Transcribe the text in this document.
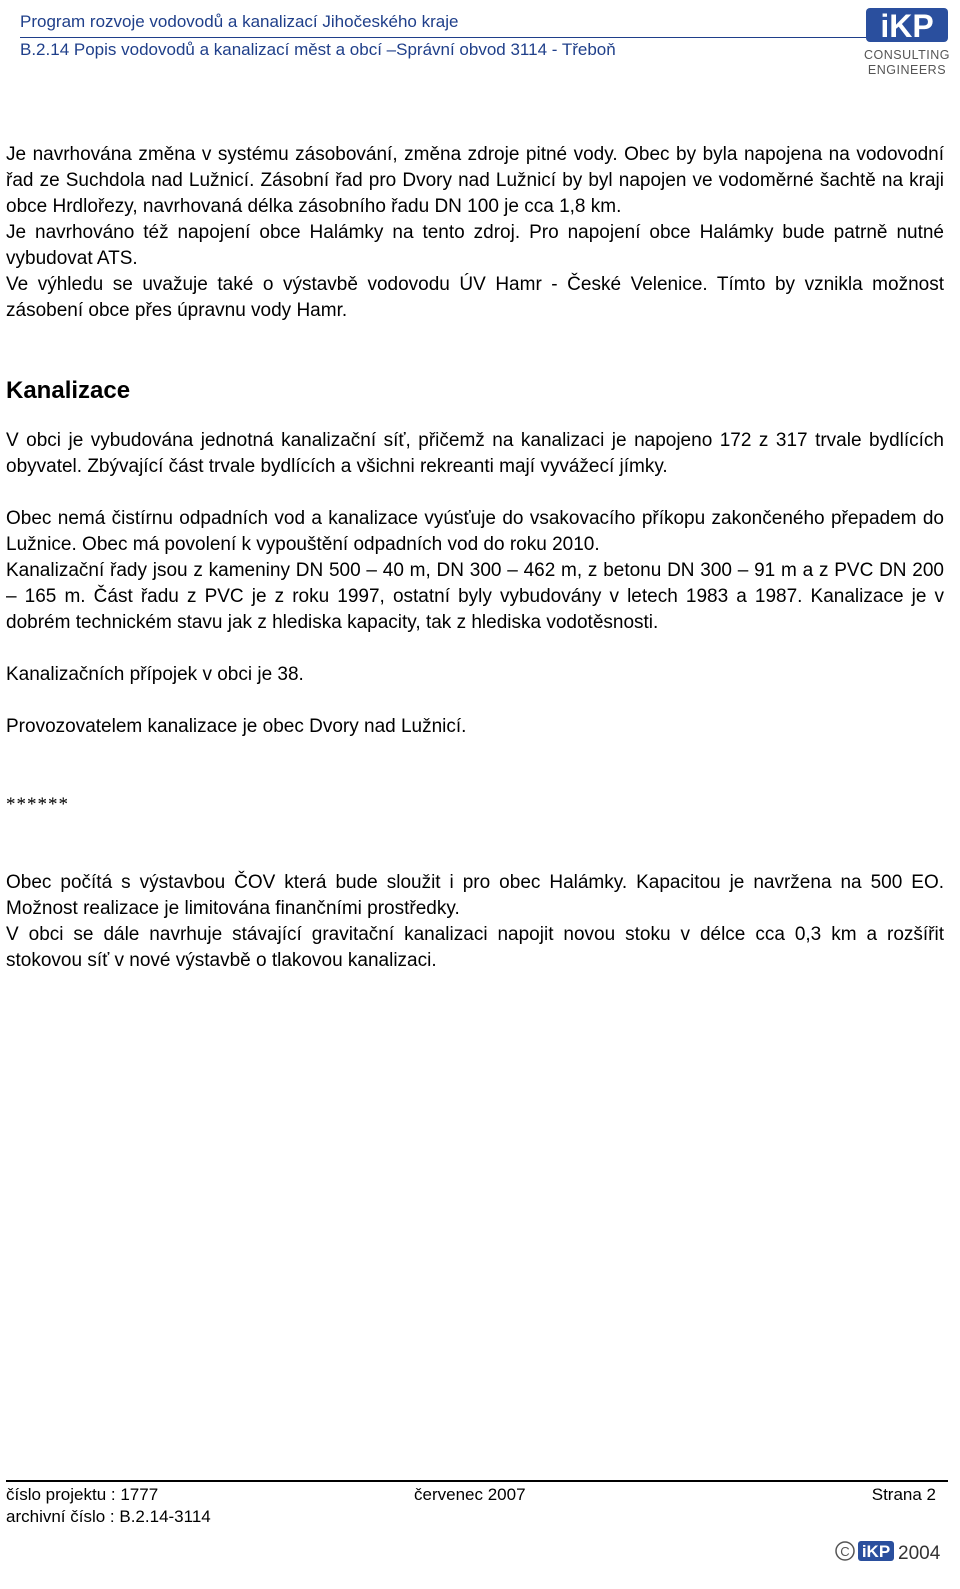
Program rozvoje vodovodů a kanalizací Jihočeského kraje
B.2.14 Popis vodovodů a kanalizací měst a obcí –Správní obvod 3114 - Třeboň
iKP
CONSULTING
ENGINEERS

Je navrhována změna v systému zásobování, změna zdroje pitné vody. Obec by byla napojena na vodovodní řad ze Suchdola nad Lužnicí. Zásobní řad pro Dvory nad Lužnicí by byl napojen ve vodoměrné šachtě na kraji obce Hrdlořezy, navrhovaná délka zásobního řadu DN 100 je cca 1,8 km.

Je navrhováno též napojení obce Halámky na tento zdroj. Pro napojení obce Halámky bude patrně nutné vybudovat ATS.

Ve výhledu se uvažuje také o výstavbě vodovodu ÚV Hamr - České Velenice. Tímto by vznikla možnost zásobení obce přes úpravnu vody Hamr.

Kanalizace

V obci je vybudována jednotná kanalizační síť, přičemž na kanalizaci je napojeno 172 z 317 trvale bydlících obyvatel. Zbývající část trvale bydlících a všichni rekreanti mají vyvážecí jímky.

Obec nemá čistírnu odpadních vod a kanalizace vyúsťuje do vsakovacího příkopu zakončeného přepadem do Lužnice. Obec má povolení k vypouštění odpadních vod do roku 2010.

Kanalizační řady jsou z kameniny DN 500 – 40 m, DN 300 – 462 m, z betonu DN 300 – 91 m a z PVC DN 200 – 165 m. Část řadu z PVC je z roku 1997, ostatní byly vybudovány v letech 1983 a 1987. Kanalizace je v dobrém technickém stavu jak z hlediska kapacity, tak z hlediska vodotěsnosti.

Kanalizačních přípojek v obci je 38.

Provozovatelem kanalizace je obec Dvory nad Lužnicí.

******

Obec počítá s výstavbou ČOV která bude sloužit i pro obec Halámky. Kapacitou je navržena na 500 EO. Možnost realizace je limitována finančními prostředky.

V obci se dále navrhuje stávající gravitační kanalizaci napojit novou stoku v délce cca 0,3 km a rozšířit stokovou síť v nové výstavbě o tlakovou kanalizaci.

číslo projektu : 1777
archivní číslo : B.2.14-3114
červenec 2007	Strana 2
C iKP 2004
